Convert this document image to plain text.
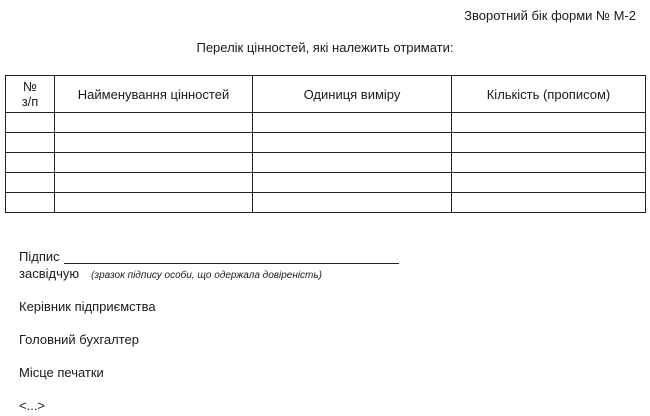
Зворотний бік форми № М-2
Перелік цінностей, які належить отримати:
№
з/п	Найменування цінностей	Одиниця виміру	Кількість (прописом)

Підпис
засвідчую (зразок підпису особи, що одержала довіреність)
Керівник підприємства
Головний бухгалтер
Місце печатки
<...>
